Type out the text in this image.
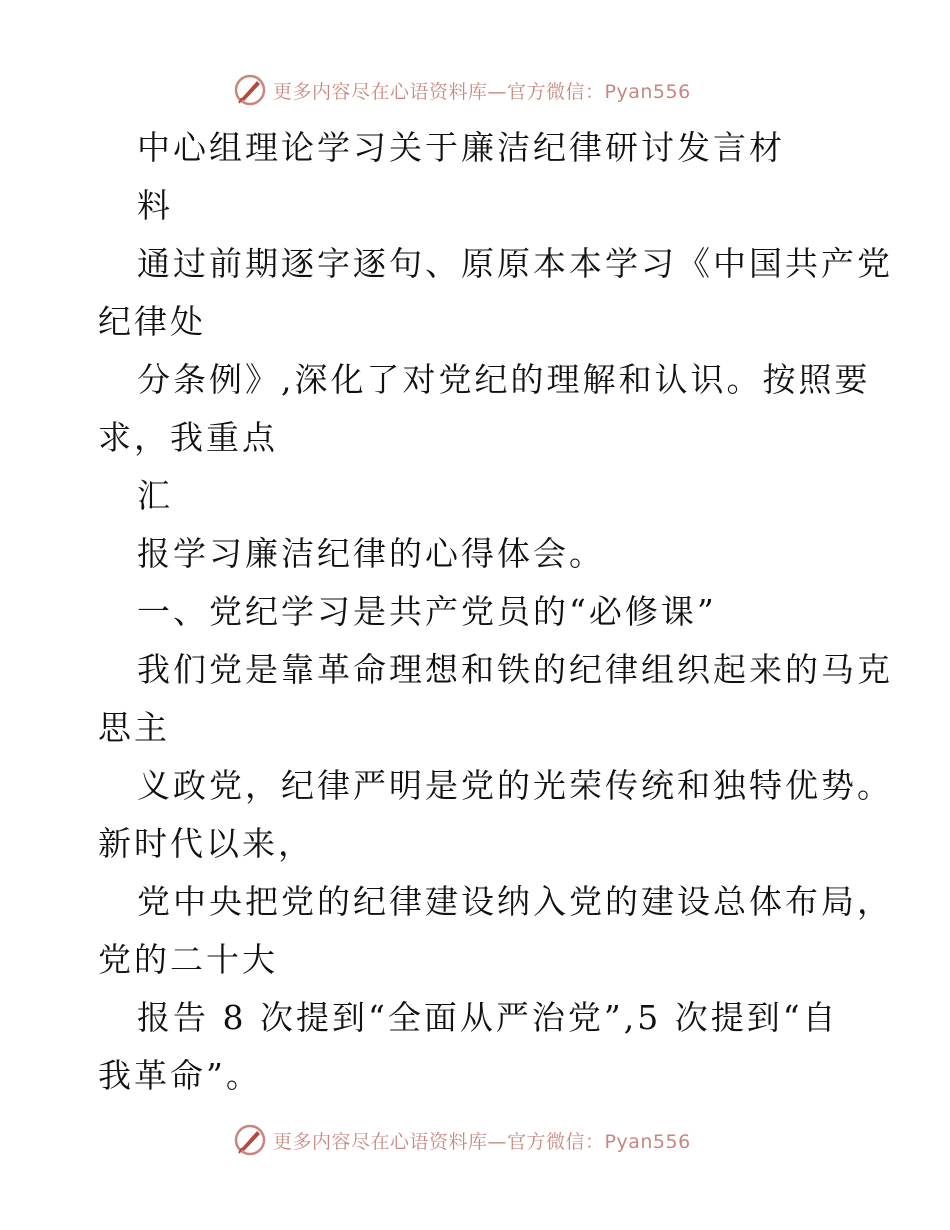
更多内容尽在心语资料库—官方微信：Pyan556
中心组理论学习关于廉洁纪律研讨发言材
料
通过前期逐字逐句、原原本本学习《中国共产党
纪律处
分条例》,深化了对党纪的理解和认识。按照要
求，我重点
汇
报学习廉洁纪律的心得体会。
一、党纪学习是共产党员的“必修课”
我们党是靠革命理想和铁的纪律组织起来的马克
思主
义政党，纪律严明是党的光荣传统和独特优势。
新时代以来，
党中央把党的纪律建设纳入党的建设总体布局，
党的二十大
报告 8 次提到“全面从严治党”,5 次提到“自
我革命”。
更多内容尽在心语资料库—官方微信：Pyan556
